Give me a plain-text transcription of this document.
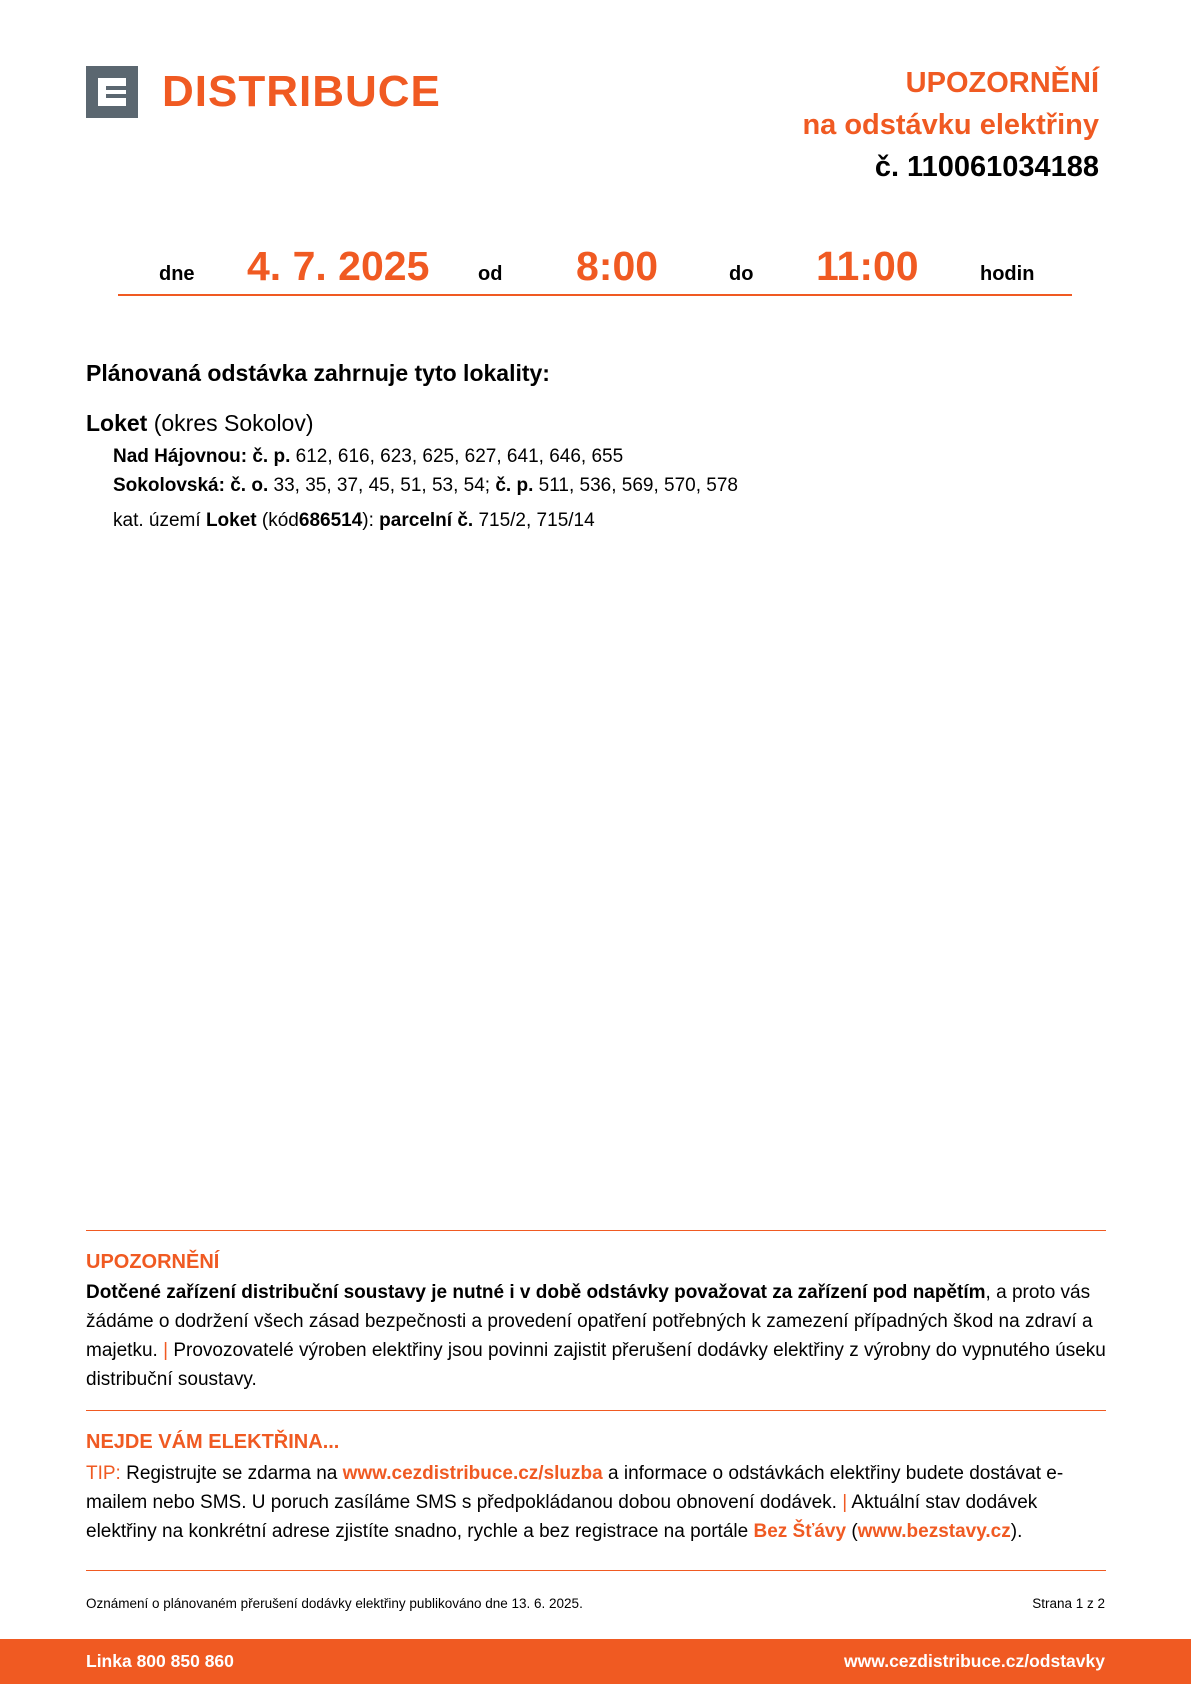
DISTRIBUCE	UPOZORNĚNÍ
na odstávku elektřiny
č. 110061034188
dne 4. 7. 2025 od 8:00	do 11:00	hodin
Plánovaná odstávka zahrnuje tyto lokality:
Loket (okres Sokolov)
Nad Hájovnou: č. p. 612, 616, 623, 625, 627, 641, 646, 655
Sokolovská: č. o. 33, 35, 37, 45, 51, 53, 54; č. p. 511, 536, 569, 570, 578
kat. území Loket (kód686514): parcelní č. 715/2, 715/14
UPOZORNĚNÍ
Dotčené zařízení distribuční soustavy je nutné i v době odstávky považovat za zařízení pod napětím, a proto vás žádáme o dodržení všech zásad bezpečnosti a provedení opatření potřebných k zamezení případných škod na zdraví a majetku. | Provozovatelé výroben elektřiny jsou povinni zajistit přerušení dodávky elektřiny z výrobny do vypnutého úseku distribuční soustavy.
NEJDE VÁM ELEKTŘINA...
TIP: Registrujte se zdarma na www.cezdistribuce.cz/sluzba a informace o odstávkách elektřiny budete dostávat e-mailem nebo SMS. U poruch zasíláme SMS s předpokládanou dobou obnovení dodávek. | Aktuální stav dodávek elektřiny na konkrétní adrese zjistíte snadno, rychle a bez registrace na portále Bez Šťávy (www.bezstavy.cz).
Oznámení o plánovaném přerušení dodávky elektřiny publikováno dne 13. 6. 2025.	Strana 1 z 2
Linka 800 850 860	www.cezdistribuce.cz/odstavky
